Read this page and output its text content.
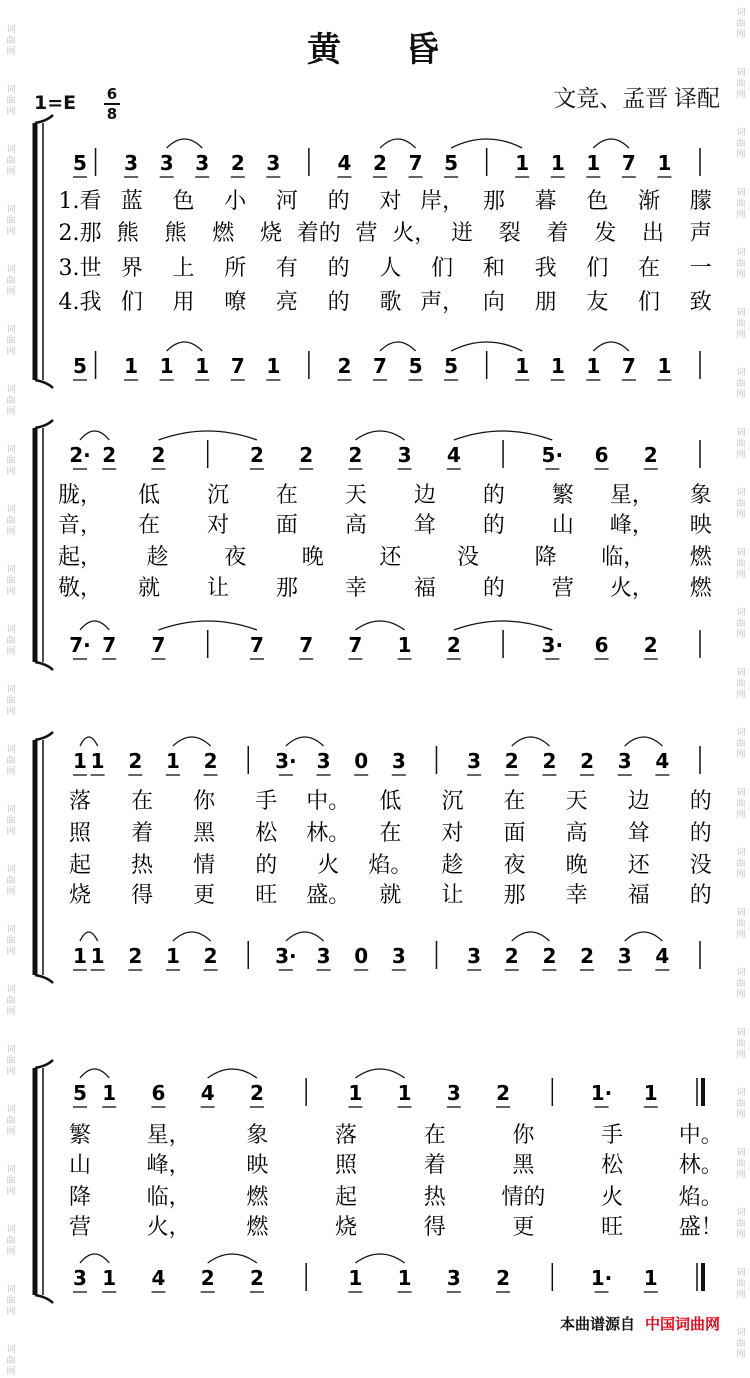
黄 昏
1=E 6
8
文竞、孟晋 译配
本曲谱源自 中国词曲网
5 3 3 3 2 3	4 2 7 5	1 1 1 7 1
5 1 1 1 7 1	2 7 5 5	1 1 1 7 1
1.看 蓝 色 小 河 的 对 岸， 那 暮 色 渐 朦
2.那 熊 熊 燃 烧 着的 营 火， 迸 裂 着 发 出 声
3.世 界 上 所 有 的 人 们 和 我 们 在 一
4.我 们 用 嘹 亮 的 歌 声， 向 朋 友 们 致
2· 2 2	2 2 2 3 4	5· 6 2
7· 7 7	7 7 7 1 2	3· 6 2
胧， 低 沉 在 天 边 的 繁 星， 象
音， 在 对 面 高 耸 的 山 峰， 映
起， 趁	夜	晚	还	没	降 临， 燃
敬， 就 让 那 幸 福 的 营 火， 燃
1 1 2 1 2	3· 3 0 3	3 2 2 2 3 4
1 1 2 1 2	3· 3 0 3	3 2 2 2 3 4
落 在 你 手 中。 低 沉 在 天 边 的
照 着 黑 松 林。 在 对 面 高 耸 的
起 热 情 的 火 焰。 趁 夜 晚 还 没
烧 得 更 旺 盛。 就 让 那 幸 福 的
5 1 6 4 2	1 1 3 2	1· 1
3 1 4 2 2	1 1 3 2	1· 1
繁	星，	象	落	在	你	手	中。
山	峰，	映	照	着	黑	松	林。
降	临，	燃	起	热	情的	火	焰。
营	火，	燃	烧	得	更	旺	盛！
词
曲
网
词
曲
网
词
曲
网
词
曲
网
词
曲
网
词
曲
网
词
曲
网
词
曲
网
词
曲
网
词
曲
网
词
曲
网
词
曲
网
词
曲
网
词
曲
网
词
曲
网
词
曲
网
词
曲
网
词
曲
网
词
曲
网
词
曲
网
词
曲
网
词
曲
网
词
曲
网
词
曲
网
词
曲
网
词
曲
网
词
曲
网
词
曲
网
词
曲
网
词
曲
网
词
曲
网
词
曲
网
词
曲
网
词
曲
网
词
曲
网
词
曲
网
词
曲
网
词
曲
网
词
曲
网
词
曲
网
词
曲
网
词
曲
网
词
曲
网
词
曲
网
词
曲
网
词
曲
网
